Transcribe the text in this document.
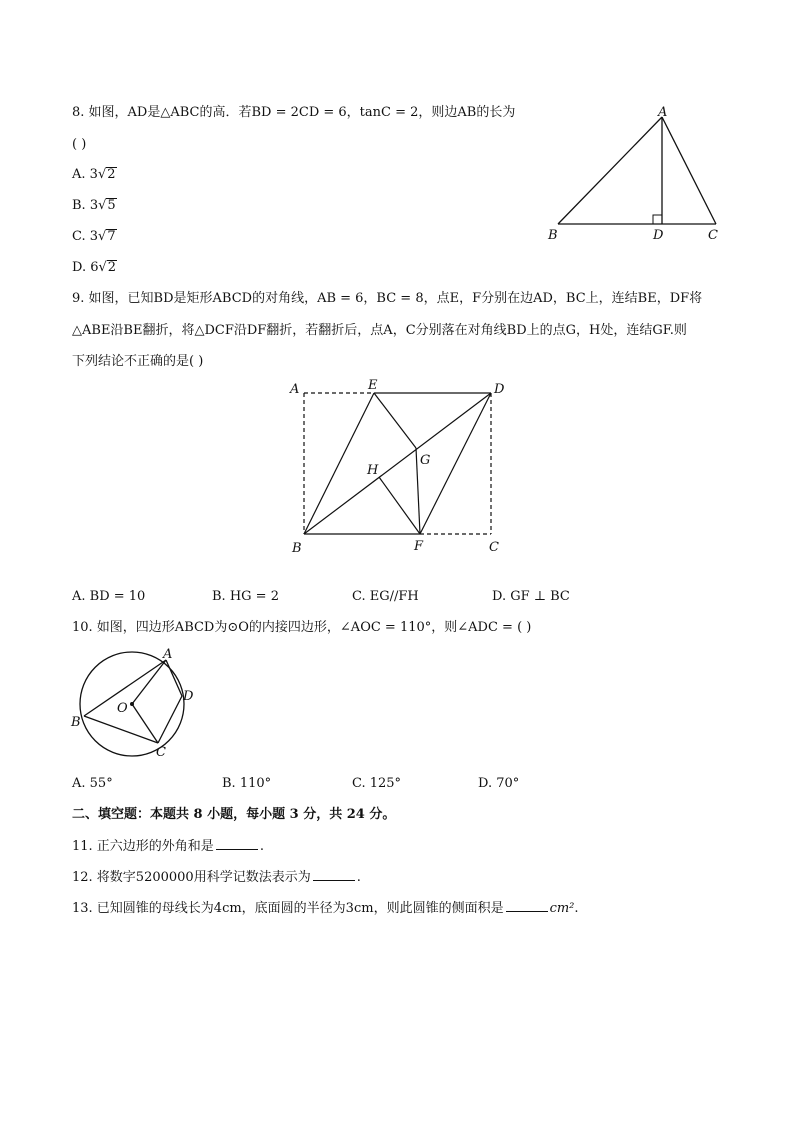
8. 如图，AD是△ABC的高．若BD = 2CD = 6，tanC = 2，则边AB的长为
( )
A. 3√2
B. 3√5
C. 3√7
D. 6√2
A
B	D	C
9. 如图，已知BD是矩形ABCD的对角线，AB = 6，BC = 8，点E，F分别在边AD，BC上，连结BE，DF将
△ABE沿BE翻折，将△DCF沿DF翻折，若翻折后，点A，C分别落在对角线BD上的点G，H处，连结GF.则
下列结论不正确的是( )
A	E	D
H
G
B	F	C
A. BD = 10	B. HG = 2	C. EG//FH	D. GF ⊥ BC
10. 如图，四边形ABCD为⊙O的内接四边形，∠AOC = 110°，则∠ADC = ( )
A
B
C
D
O
A. 55°	B. 110°	C. 125°	D. 70°
二、填空题：本题共 8 小题，每小题 3 分，共 24 分。
11. 正六边形的外角和是	.
12. 将数字5200000用科学记数法表示为	.
13. 已知圆锥的母线长为4cm，底面圆的半径为3cm，则此圆锥的侧面积是	cm².
